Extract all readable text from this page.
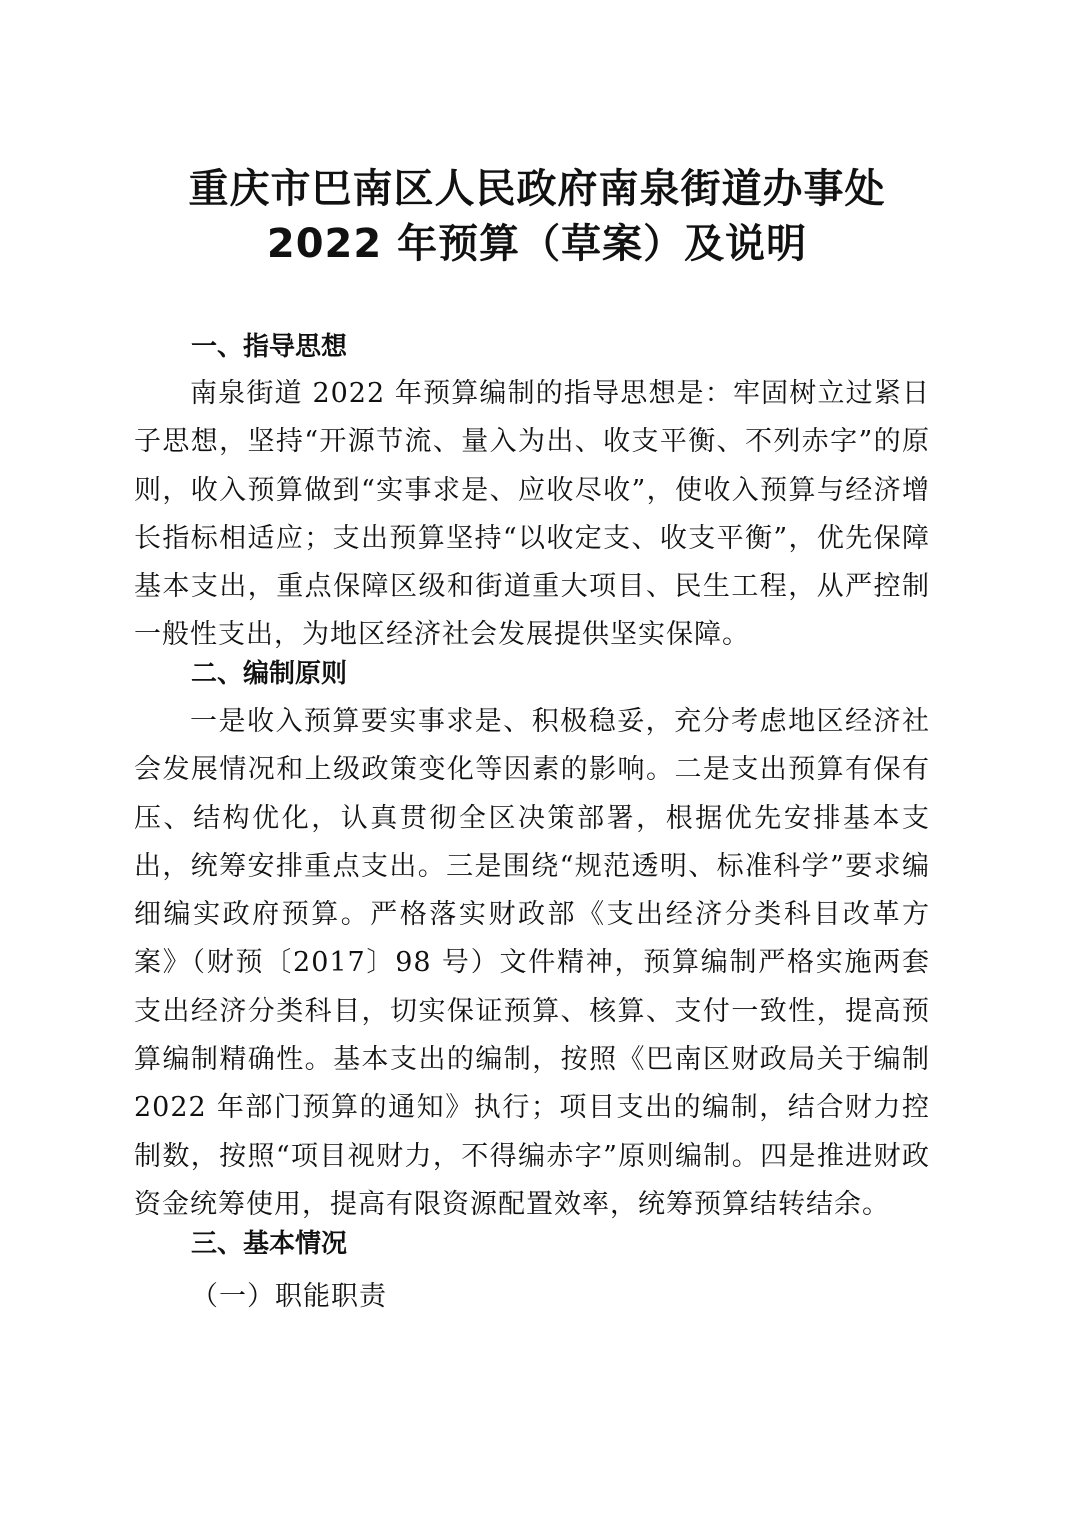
重庆市巴南区人民政府南泉街道办事处
2022 年预算（草案）及说明
一、指导思想

南泉街道 2022 年预算编制的指导思想是：牢固树立过紧日子思想，坚持“开源节流、量入为出、收支平衡、不列赤字”的原则，收入预算做到“实事求是、应收尽收”，使收入预算与经济增长指标相适应；支出预算坚持“以收定支、收支平衡”，优先保障基本支出，重点保障区级和街道重大项目、民生工程，从严控制一般性支出，为地区经济社会发展提供坚实保障。

二、编制原则

一是收入预算要实事求是、积极稳妥，充分考虑地区经济社会发展情况和上级政策变化等因素的影响。二是支出预算有保有压、结构优化，认真贯彻全区决策部署，根据优先安排基本支出，统筹安排重点支出。三是围绕“规范透明、标准科学”要求编细编实政府预算。严格落实财政部《支出经济分类科目改革方案》（财预〔2017〕98 号）文件精神，预算编制严格实施两套支出经济分类科目，切实保证预算、核算、支付一致性，提高预算编制精确性。基本支出的编制，按照《巴南区财政局关于编制 2022 年部门预算的通知》执行；项目支出的编制，结合财力控制数，按照“项目视财力，不得编赤字”原则编制。四是推进财政资金统筹使用，提高有限资源配置效率，统筹预算结转结余。

三、基本情况
（一）职能职责
